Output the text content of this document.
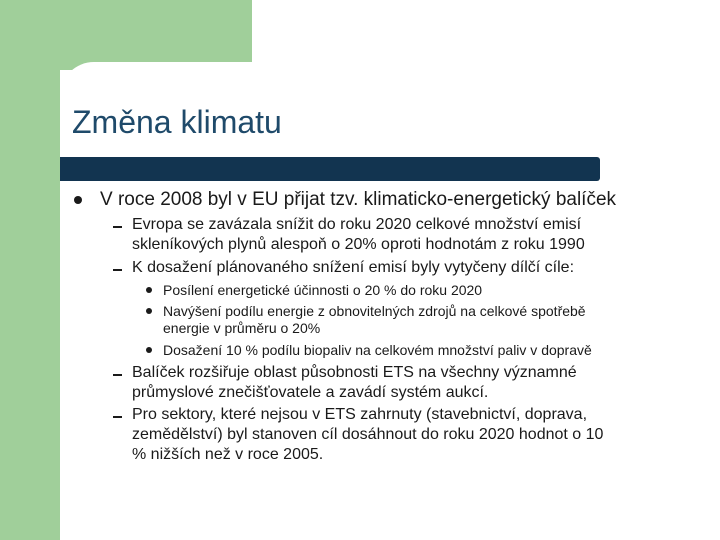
Změna klimatu
V roce 2008 byl v EU přijat tzv. klimaticko-energetický balíček
Evropa se zavázala snížit do roku 2020 celkové množství emisí
skleníkových plynů alespoň o 20% oproti hodnotám z roku 1990
K dosažení plánovaného snížení emisí byly vytyčeny dílčí cíle:
Posílení energetické účinnosti o 20 % do roku 2020
Navýšení podílu energie z obnovitelných zdrojů na celkové spotřebě
energie v průměru o 20%
Dosažení 10 % podílu biopaliv na celkovém množství paliv v dopravě
Balíček rozšiřuje oblast působnosti ETS na všechny významné
průmyslové znečišťovatele a zavádí systém aukcí.
Pro sektory, které nejsou v ETS zahrnuty (stavebnictví, doprava,
zemědělství) byl stanoven cíl dosáhnout do roku 2020 hodnot o 10
% nižších než v roce 2005.
